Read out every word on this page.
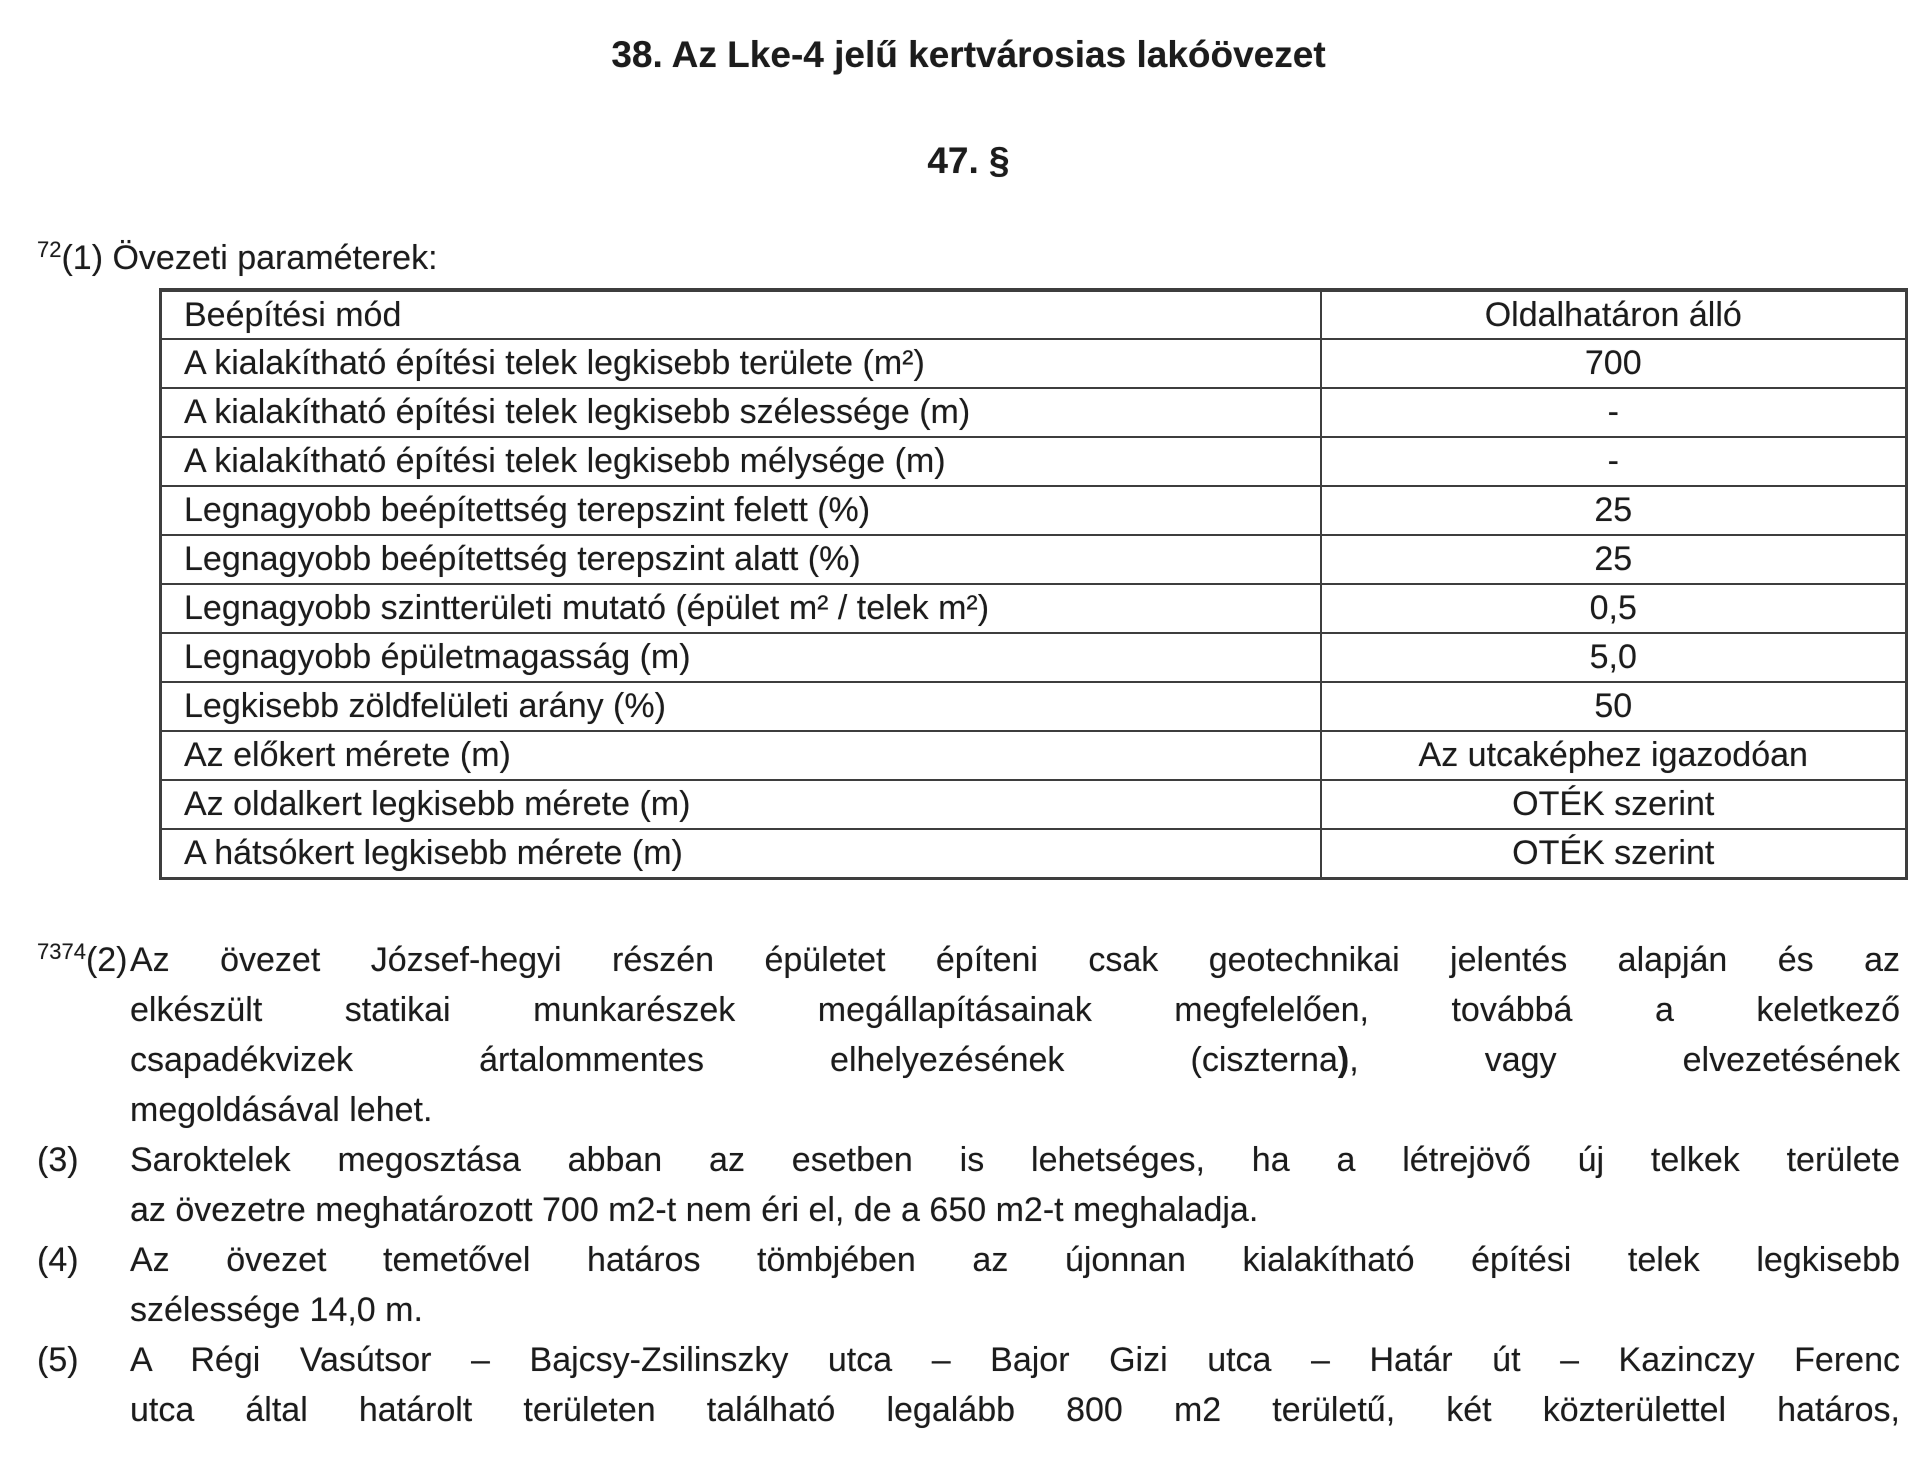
38. Az Lke-4 jelű kertvárosias lakóövezet
47. §
$^{72}$(1) Övezeti paraméterek:
Beépítési mód	Oldalhatáron álló
A kialakítható építési telek legkisebb területe (m²)	700
A kialakítható építési telek legkisebb szélessége (m)	-
A kialakítható építési telek legkisebb mélysége (m)	-
Legnagyobb beépítettség terepszint felett (%)	25
Legnagyobb beépítettség terepszint alatt (%)	25
Legnagyobb szintterületi mutató (épület m² / telek m²)	0,5
Legnagyobb épületmagasság (m)	5,0
Legkisebb zöldfelületi arány (%)	50
Az előkert mérete (m)	Az utcaképhez igazodóan
Az oldalkert legkisebb mérete (m)	OTÉK szerint
A hátsókert legkisebb mérete (m)	OTÉK szerint
$^{7374}$(2) Az övezet József-hegyi részén épületet építeni csak geotechnikai jelentés alapján és az
elkészült statikai munkarészek megállapításainak megfelelően, továbbá a keletkező
csapadékvizek ártalommentes elhelyezésének (ciszterna), vagy elvezetésének
megoldásával lehet.
(3) Saroktelek megosztása abban az esetben is lehetséges, ha a létrejövő új telkek területe
az övezetre meghatározott 700 m2-t nem éri el, de a 650 m2-t meghaladja.
(4) Az övezet temetővel határos tömbjében az újonnan kialakítható építési telek legkisebb
szélessége 14,0 m.
(5) A Régi Vasútsor – Bajcsy-Zsilinszky utca – Bajor Gizi utca – Határ út – Kazinczy Ferenc
utca által határolt területen található legalább 800 m2 területű, két közterülettel határos,
